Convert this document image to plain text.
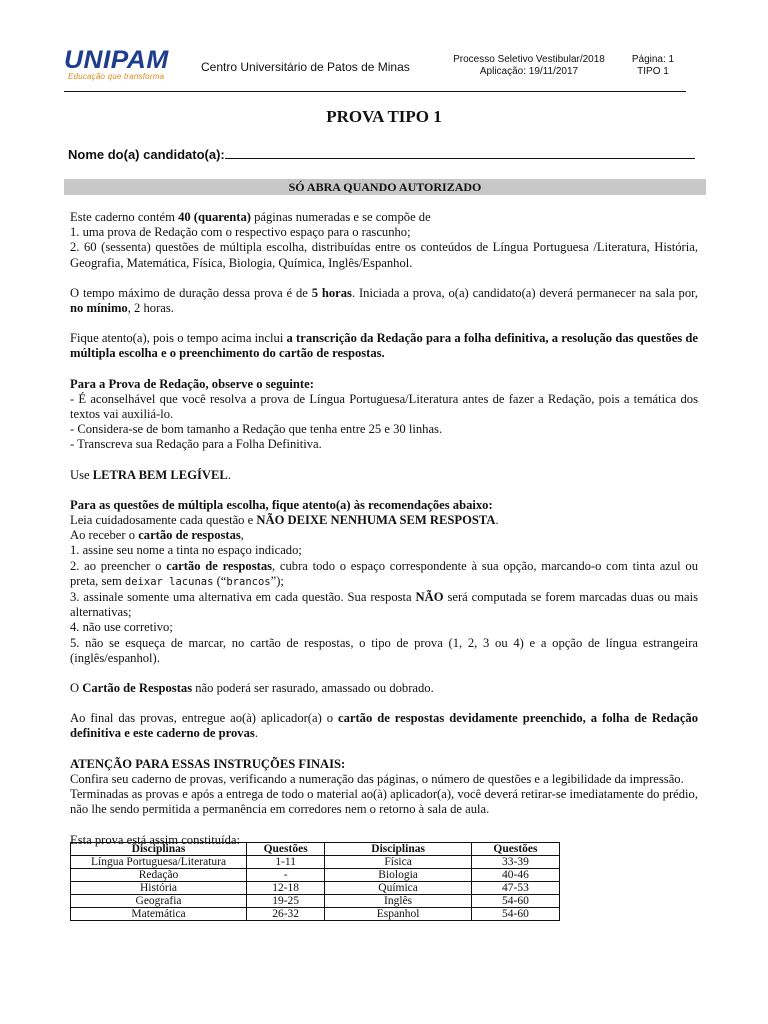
UNIPAM
Educação que transforma
Centro Universitário de Patos de Minas
Processo Seletivo Vestibular/2018
Aplicação: 19/11/2017
Página: 1
TIPO 1
PROVA TIPO 1
Nome do(a) candidato(a):
SÓ ABRA QUANDO AUTORIZADO

Este caderno contém 40 (quarenta) páginas numeradas e se compõe de

1. uma prova de Redação com o respectivo espaço para o rascunho;

2. 60 (sessenta) questões de múltipla escolha, distribuídas entre os conteúdos de Língua Portuguesa /Literatura, História, Geografia, Matemática, Física, Biologia, Química, Inglês/Espanhol.

O tempo máximo de duração dessa prova é de 5 horas. Iniciada a prova, o(a) candidato(a) deverá permanecer na sala por, no mínimo, 2 horas.

Fique atento(a), pois o tempo acima inclui a transcrição da Redação para a folha definitiva, a resolução das questões de múltipla escolha e o preenchimento do cartão de respostas.

Para a Prova de Redação, observe o seguinte:

- É aconselhável que você resolva a prova de Língua Portuguesa/Literatura antes de fazer a Redação, pois a temática dos textos vai auxiliá-lo.

- Considera-se de bom tamanho a Redação que tenha entre 25 e 30 linhas.

- Transcreva sua Redação para a Folha Definitiva.

Use LETRA BEM LEGÍVEL.

Para as questões de múltipla escolha, fique atento(a) às recomendações abaixo:

Leia cuidadosamente cada questão e NÃO DEIXE NENHUMA SEM RESPOSTA.

Ao receber o cartão de respostas,

1. assine seu nome a tinta no espaço indicado;

2. ao preencher o cartão de respostas, cubra todo o espaço correspondente à sua opção, marcando-o com tinta azul ou preta, sem deixar lacunas (“brancos”);

3. assinale somente uma alternativa em cada questão. Sua resposta NÃO será computada se forem marcadas duas ou mais alternativas;

4. não use corretivo;

5. não se esqueça de marcar, no cartão de respostas, o tipo de prova (1, 2, 3 ou 4) e a opção de língua estrangeira (inglês/espanhol).

O Cartão de Respostas não poderá ser rasurado, amassado ou dobrado.

Ao final das provas, entregue ao(à) aplicador(a) o cartão de respostas devidamente preenchido, a folha de Redação definitiva e este caderno de provas.

ATENÇÃO PARA ESSAS INSTRUÇÕES FINAIS:

Confira seu caderno de provas, verificando a numeração das páginas, o número de questões e a legibilidade da impressão.

Terminadas as provas e após a entrega de todo o material ao(à) aplicador(a), você deverá retirar-se imediatamente do prédio, não lhe sendo permitida a permanência em corredores nem o retorno à sala de aula.

Esta prova está assim constituída:

Disciplinas	Questões	Disciplinas	Questões
Língua Portuguesa/Literatura	1-11	Física	33-39
Redação	-	Biologia	40-46
História	12-18	Química	47-53
Geografia	19-25	Inglês	54-60
Matemática	26-32	Espanhol	54-60
